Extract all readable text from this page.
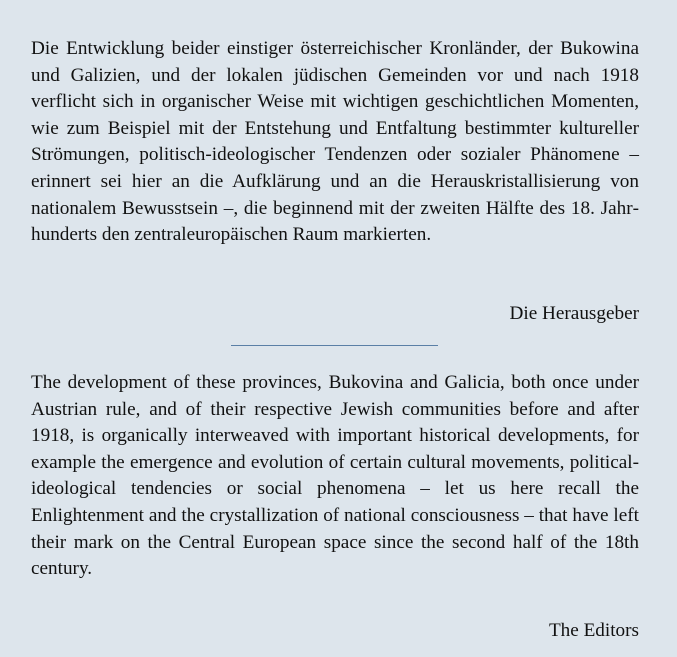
Die Entwicklung beider einstiger österreichischer Kronländer, der Bukowina und Galizien, und der lokalen jüdischen Gemeinden vor und nach 1918 verflicht sich in organischer Weise mit wichtigen geschichtlichen Momenten, wie zum Beispiel mit der Entstehung und Entfaltung bestimmter kultureller Strömungen, politisch-ideologischer Tendenzen oder sozialer Phänomene – erinnert sei hier an die Aufklärung und an die Herauskristallisierung von nationalem Bewusstsein –, die beginnend mit der zweiten Hälfte des 18. Jahrhunderts den zentraleuropäischen Raum markierten.

Die Herausgeber

The development of these provinces, Bukovina and Galicia, both once under Austrian rule, and of their respective Jewish communities before and after 1918, is organically interweaved with important historical developments, for example the emergence and evolution of certain cultural movements, political-ideological tendencies or social phenomena – let us here recall the Enlightenment and the crystallization of national consciousness – that have left their mark on the Central European space since the second half of the 18th century.

The Editors
